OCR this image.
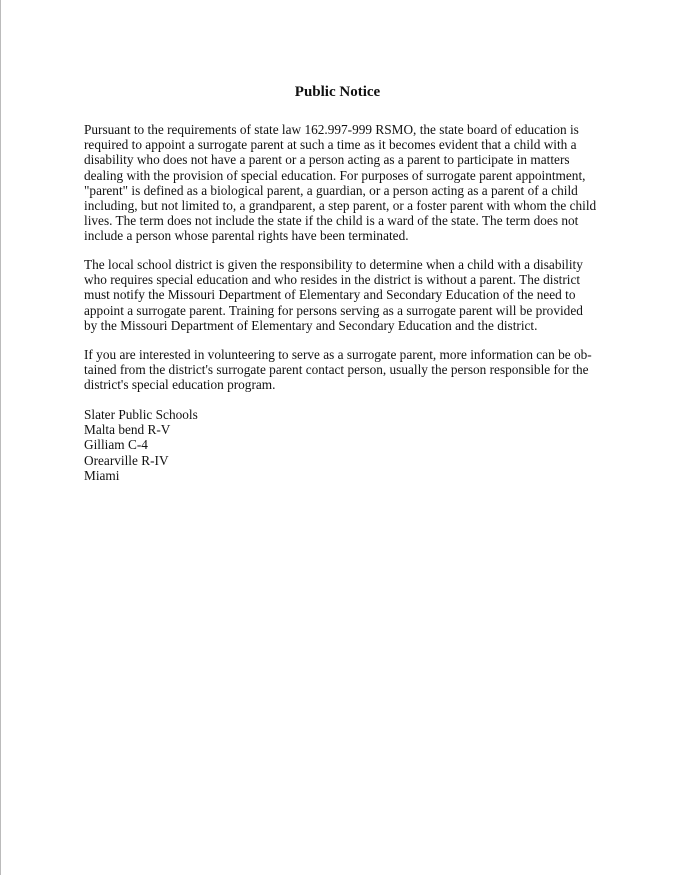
Public Notice
Pursuant to the requirements of state law 162.997-999 RSMO, the state board of education is
required to appoint a surrogate parent at such a time as it becomes evident that a child with a
disability who does not have a parent or a person acting as a parent to participate in matters
dealing with the provision of special education. For purposes of surrogate parent appointment,
"parent" is defined as a biological parent, a guardian, or a person acting as a parent of a child
including, but not limited to, a grandparent, a step parent, or a foster parent with whom the child
lives. The term does not include the state if the child is a ward of the state. The term does not
include a person whose parental rights have been terminated.
The local school district is given the responsibility to determine when a child with a disability
who requires special education and who resides in the district is without a parent. The district
must notify the Missouri Department of Elementary and Secondary Education of the need to
appoint a surrogate parent. Training for persons serving as a surrogate parent will be provided
by the Missouri Department of Elementary and Secondary Education and the district.
If you are interested in volunteering to serve as a surrogate parent, more information can be ob-
tained from the district's surrogate parent contact person, usually the person responsible for the
district's special education program.
Slater Public Schools
Malta bend R-V
Gilliam C-4
Orearville R-IV
Miami
